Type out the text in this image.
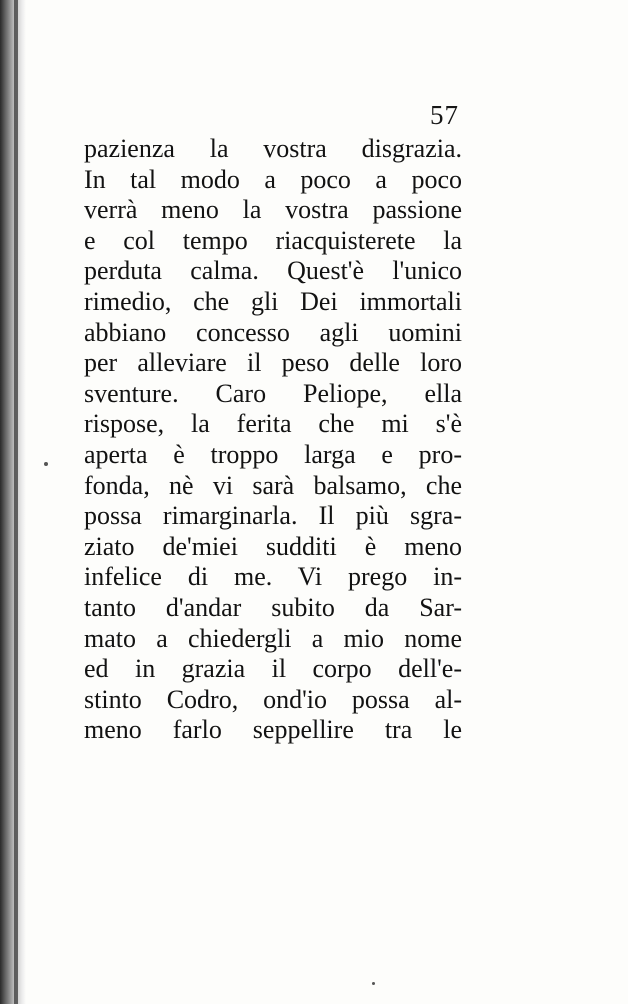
57
pazienza la vostra disgrazia.
In tal modo a poco a poco
verrà meno la vostra passione
e col tempo riacquisterete la
perduta calma. Quest'è l'unico
rimedio, che gli Dei immortali
abbiano concesso agli uomini
per alleviare il peso delle loro
sventure. Caro Peliope, ella
rispose, la ferita che mi s'è
aperta è troppo larga e pro-
fonda, nè vi sarà balsamo, che
possa rimarginarla. Il più sgra-
ziato de'miei sudditi è meno
infelice di me. Vi prego in-
tanto d'andar subito da Sar-
mato a chiedergli a mio nome
ed in grazia il corpo dell'e-
stinto Codro, ond'io possa al-
meno farlo seppellire tra le
